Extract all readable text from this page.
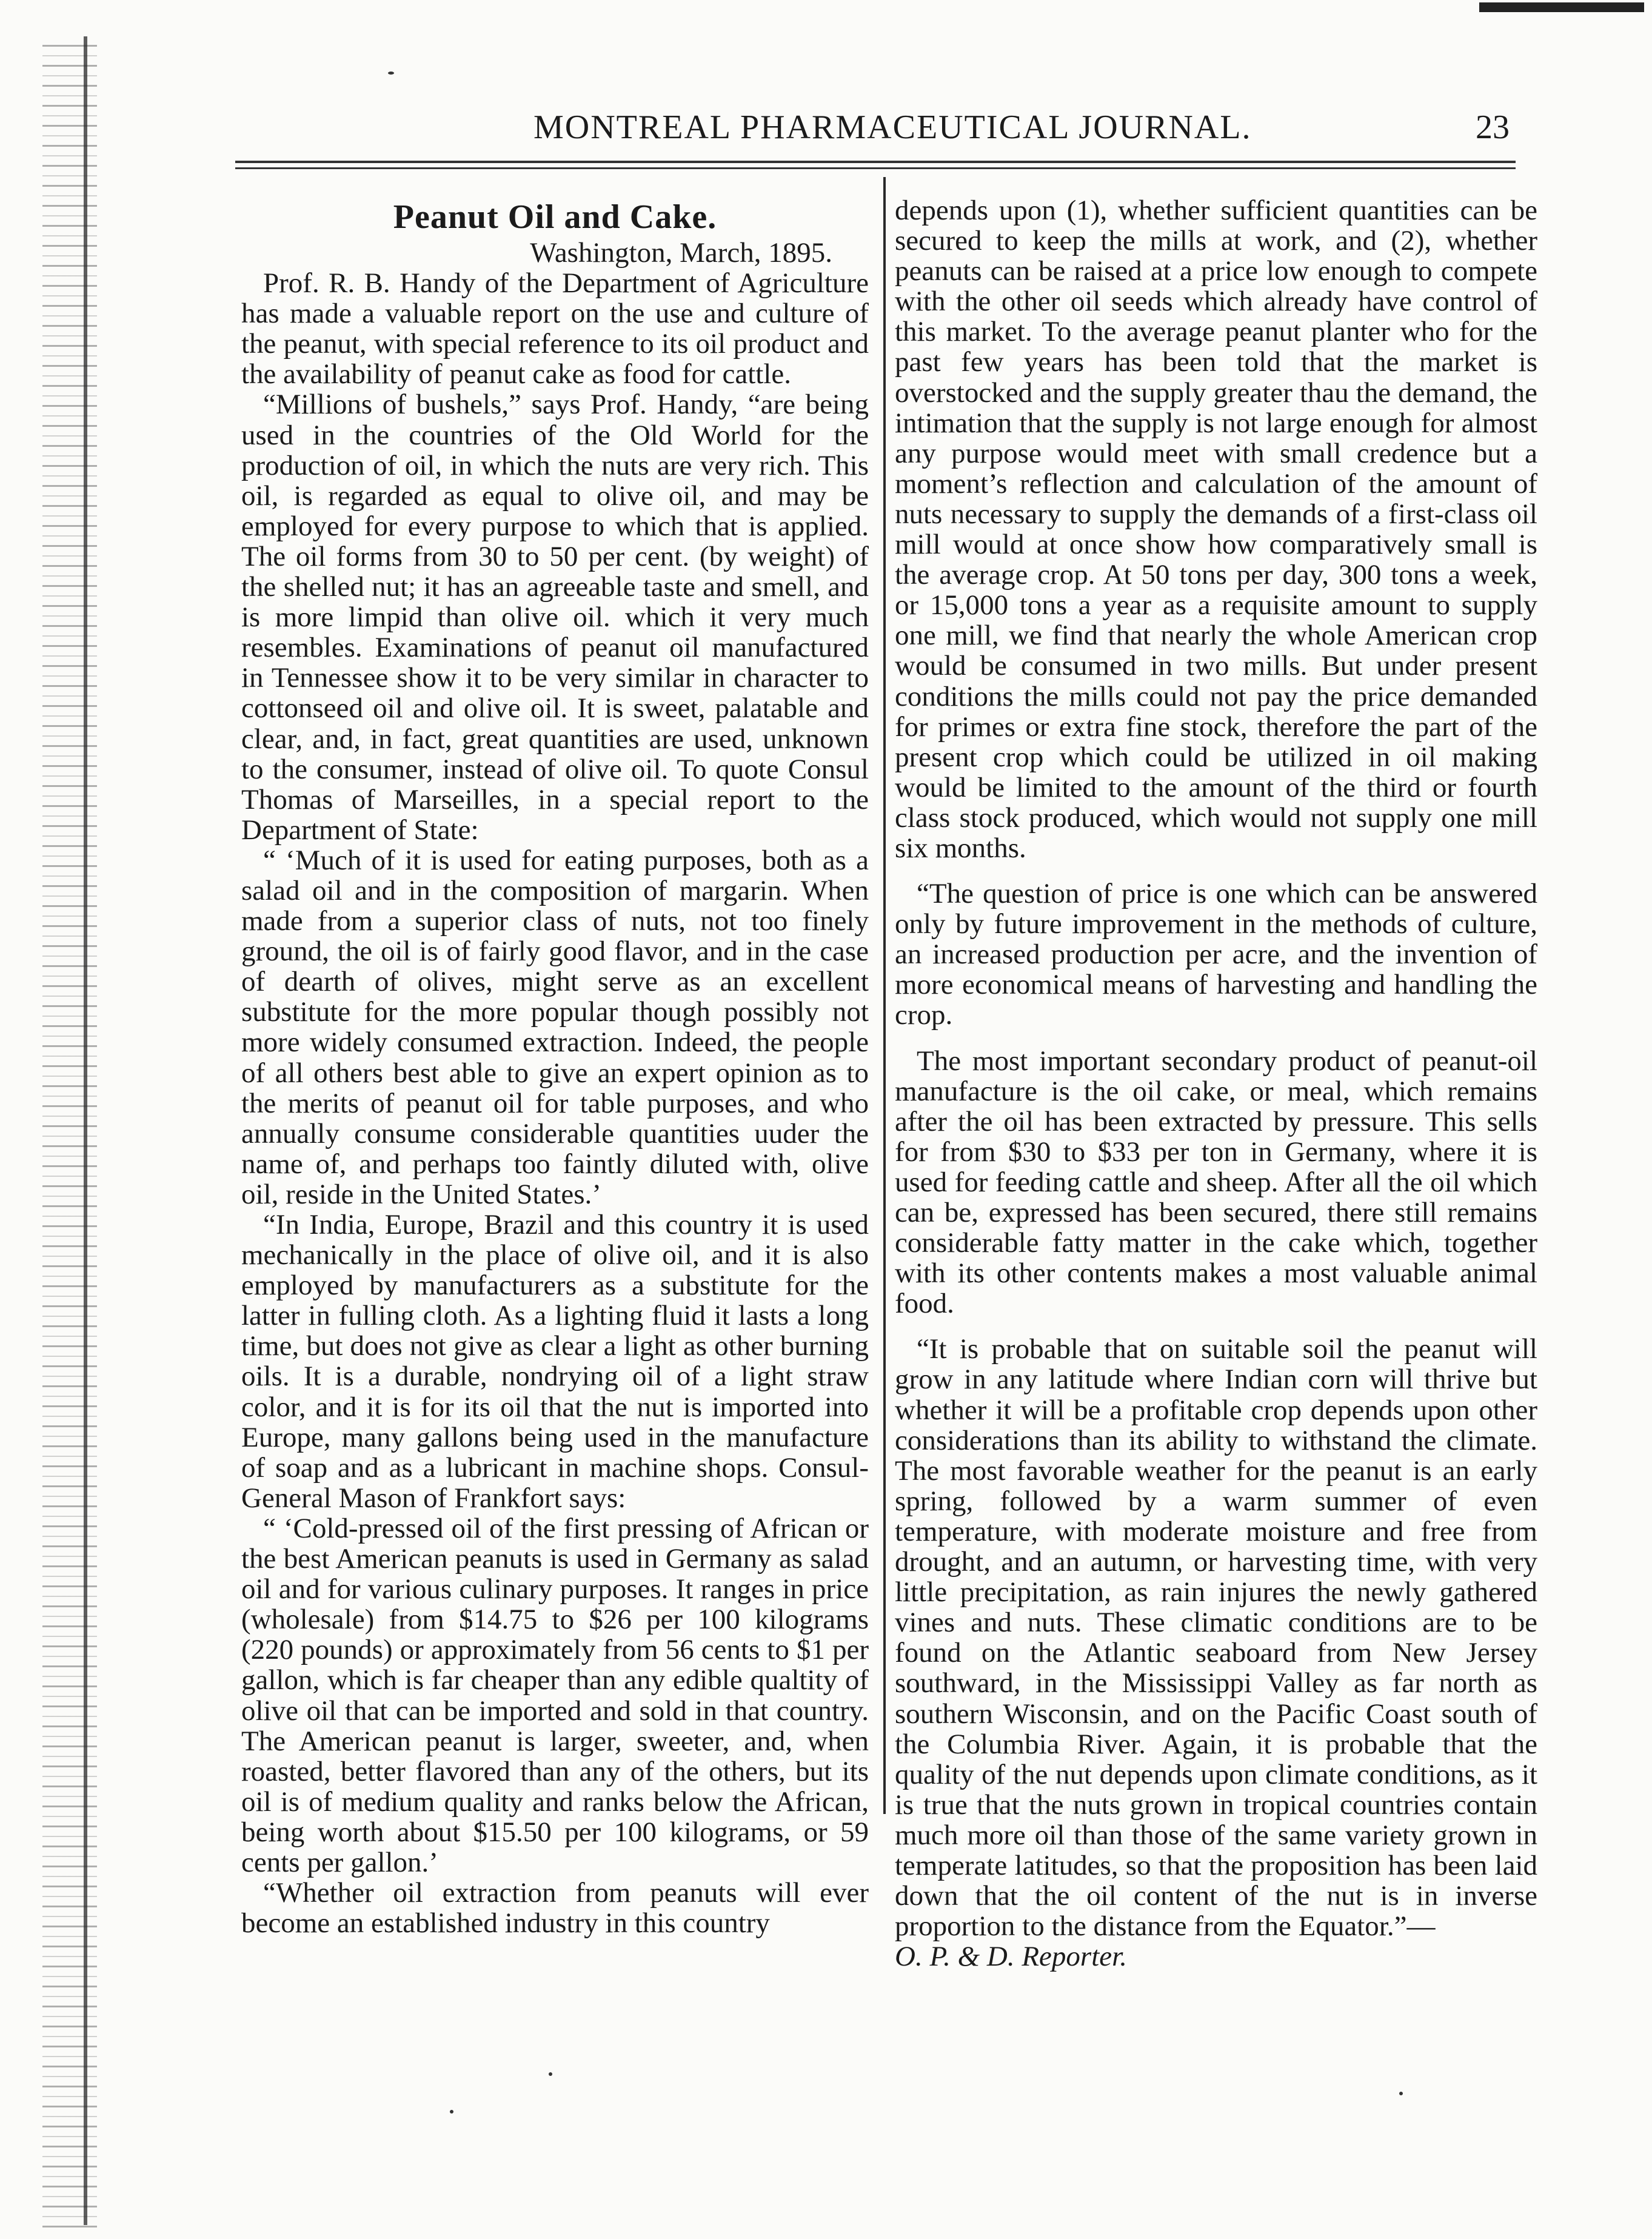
MONTREAL PHARMACEUTICAL JOURNAL.	23

Peanut Oil and Cake.

Washington, March, 1895.

Prof. R. B. Handy of the Department of Agriculture has made a valuable report on the use and culture of the peanut, with special reference to its oil product and the availability of peanut cake as food for cattle.

“Millions of bushels,” says Prof. Handy, “are being used in the countries of the Old World for the production of oil, in which the nuts are very rich. This oil, is regarded as equal to olive oil, and may be employed for every purpose to which that is applied. The oil forms from 30 to 50 per cent. (by weight) of the shelled nut; it has an agreeable taste and smell, and is more limpid than olive oil. which it very much resembles. Examinations of peanut oil manufactured in Tennessee show it to be very similar in character to cottonseed oil and olive oil. It is sweet, palatable and clear, and, in fact, great quantities are used, unknown to the consumer, instead of olive oil. To quote Consul Thomas of Marseilles, in a special report to the Department of State:

“ ‘Much of it is used for eating purposes, both as a salad oil and in the composition of margarin. When made from a superior class of nuts, not too finely ground, the oil is of fairly good flavor, and in the case of dearth of olives, might serve as an excellent substitute for the more popular though possibly not more widely consumed extraction. Indeed, the people of all others best able to give an expert opinion as to the merits of peanut oil for table purposes, and who annually consume considerable quantities uuder the name of, and perhaps too faintly diluted with, olive oil, reside in the United States.’

“In India, Europe, Brazil and this country it is used mechanically in the place of olive oil, and it is also employed by manufacturers as a substitute for the latter in fulling cloth. As a lighting fluid it lasts a long time, but does not give as clear a light as other burning oils. It is a durable, nondrying oil of a light straw color, and it is for its oil that the nut is imported into Europe, many gallons being used in the manufacture of soap and as a lubricant in machine shops. Consul-General Mason of Frankfort says:

“ ‘Cold-pressed oil of the first pressing of African or the best American peanuts is used in Germany as salad oil and for various culinary purposes. It ranges in price (wholesale) from $14.75 to $26 per 100 kilograms (220 pounds) or approximately from 56 cents to $1 per gallon, which is far cheaper than any edible qualtity of olive oil that can be imported and sold in that country. The American peanut is larger, sweeter, and, when roasted, better flavored than any of the others, but its oil is of medium quality and ranks below the African, being worth about $15.50 per 100 kilograms, or 59 cents per gallon.’

“Whether oil extraction from peanuts will ever become an established industry in this country

depends upon (1), whether sufficient quantities can be secured to keep the mills at work, and (2), whether peanuts can be raised at a price low enough to compete with the other oil seeds which already have control of this market. To the average peanut planter who for the past few years has been told that the market is overstocked and the supply greater thau the demand, the intimation that the supply is not large enough for almost any purpose would meet with small credence but a moment’s reflection and calculation of the amount of nuts necessary to supply the demands of a first-class oil mill would at once show how comparatively small is the average crop. At 50 tons per day, 300 tons a week, or 15,000 tons a year as a requisite amount to supply one mill, we find that nearly the whole American crop would be consumed in two mills. But under present conditions the mills could not pay the price demanded for primes or extra fine stock, therefore the part of the present crop which could be utilized in oil making would be limited to the amount of the third or fourth class stock produced, which would not supply one mill six months.

“The question of price is one which can be answered only by future improvement in the methods of culture, an increased production per acre, and the invention of more economical means of harvesting and handling the crop.

The most important secondary product of peanut-oil manufacture is the oil cake, or meal, which remains after the oil has been extracted by pressure. This sells for from $30 to $33 per ton in Germany, where it is used for feeding cattle and sheep. After all the oil which can be, expressed has been secured, there still remains considerable fatty matter in the cake which, together with its other contents makes a most valuable animal food.

“It is probable that on suitable soil the peanut will grow in any latitude where Indian corn will thrive but whether it will be a profitable crop depends upon other considerations than its ability to withstand the climate. The most favorable weather for the peanut is an early spring, followed by a warm summer of even temperature, with moderate moisture and free from drought, and an autumn, or harvesting time, with very little precipitation, as rain injures the newly gathered vines and nuts. These climatic conditions are to be found on the Atlantic seaboard from New Jersey southward, in the Mississippi Valley as far north as southern Wisconsin, and on the Pacific Coast south of the Columbia River. Again, it is probable that the quality of the nut depends upon climate conditions, as it is true that the nuts grown in tropical countries contain much more oil than those of the same variety grown in temperate latitudes, so that the proposition has been laid down that the oil content of the nut is in inverse proportion to the distance from the Equator.”—

O. P. & D. Reporter.
